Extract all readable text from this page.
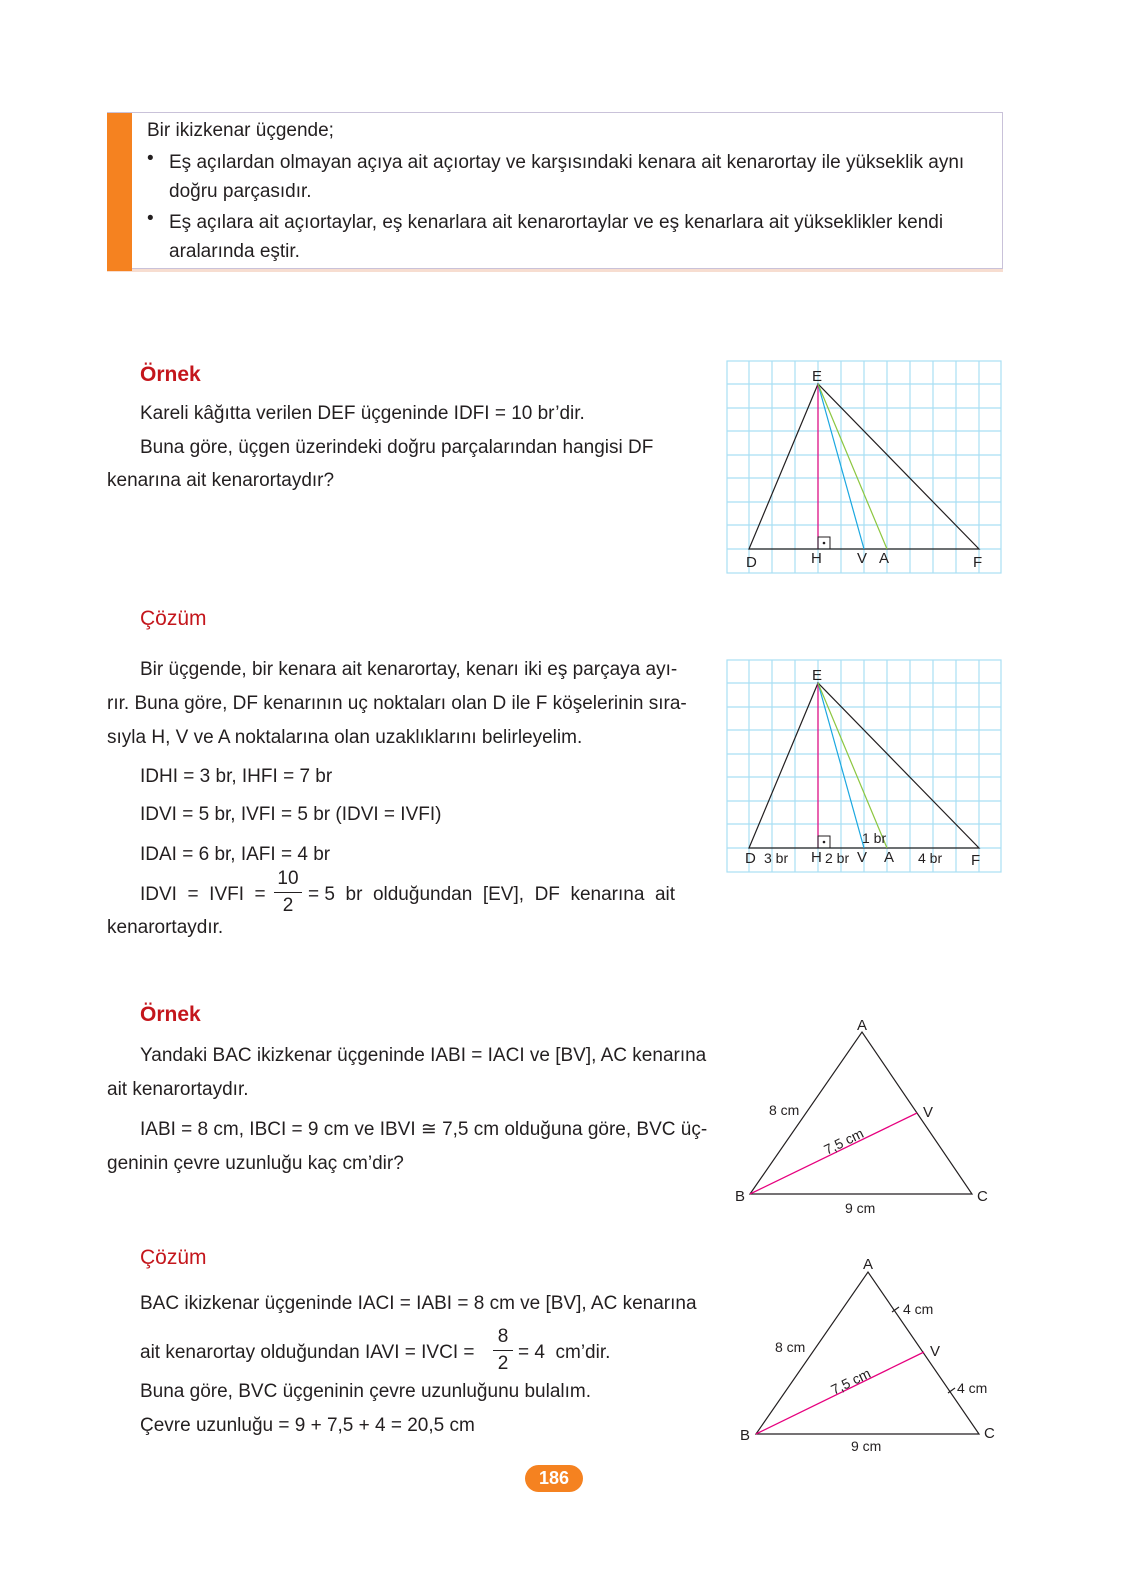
Bir ikizkenar üçgende;
• Eş açılardan olmayan açıya ait açıortay ve karşısındaki kenara ait kenarortay ile yükseklik aynı
doğru parçasıdır.
• Eş açılara ait açıortaylar, eş kenarlara ait kenarortaylar ve eş kenarlara ait yükseklikler kendi
aralarında eştir.
Örnek
Kareli kâğıtta verilen DEF üçgeninde IDFI = 10 br’dir.
Buna göre, üçgen üzerindeki doğru parçalarından hangisi DF
kenarına ait kenarortaydır?
E
D	H V A	F
Çözüm
Bir üçgende, bir kenara ait kenarortay, kenarı iki eş parçaya ayı-
rır. Buna göre, DF kenarının uç noktaları olan D ile F köşelerinin sıra-
sıyla H, V ve A noktalarına olan uzaklıklarını belirleyelim.
IDHI = 3 br, IHFI = 7 br
IDVI = 5 br, IVFI = 5 br (IDVI = IVFI)
IDAI = 6 br, IAFI = 4 br
IDVI  =  IVFI  =
10
2
= 5  br  olduğundan  [EV],  DF  kenarına  ait
kenarortaydır.
E
D 3 br H 2 br V
1 br
A 4 br F
Örnek
Yandaki BAC ikizkenar üçgeninde IABI = IACI ve [BV], AC kenarına
ait kenarortaydır.
IABI = 8 cm, IBCI = 9 cm ve IBVI ≅ 7,5 cm olduğuna göre, BVC üç-
geninin çevre uzunluğu kaç cm’dir?
A
B	C
V
8 cm
7,5 cm
9 cm
Çözüm
BAC ikizkenar üçgeninde IACI = IABI = 8 cm ve [BV], AC kenarına
ait kenarortay olduğundan IAVI = IVCI =
8
2
= 4  cm’dir.
Buna göre, BVC üçgeninin çevre uzunluğunu bulalım.
Çevre uzunluğu = 9 + 7,5 + 4 = 20,5 cm
A
B	C
V
8 cm
7,5 cm
9 cm
4 cm
4 cm
186
